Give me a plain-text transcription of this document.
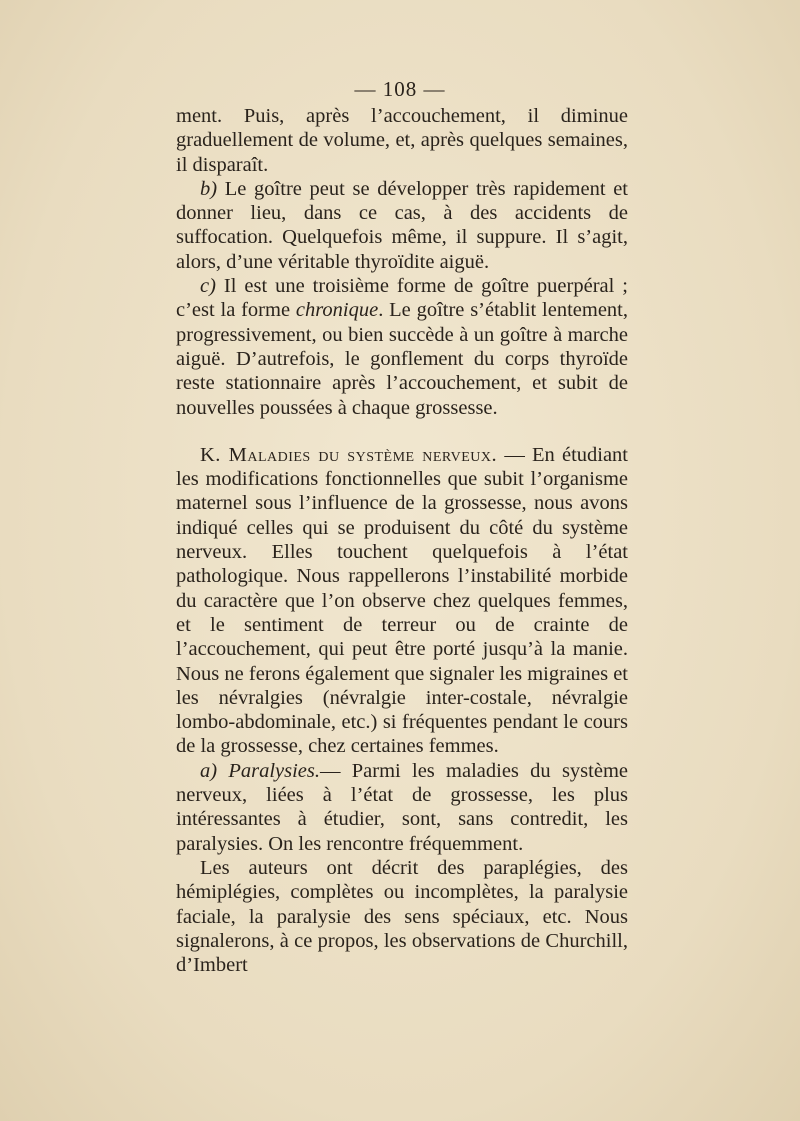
— 108 —

ment. Puis, après l’accouchement, il diminue graduellement de volume, et, après quelques semaines, il disparaît.

b) Le goître peut se développer très rapidement et donner lieu, dans ce cas, à des accidents de suffocation. Quelquefois même, il suppure. Il s’agit, alors, d’une véritable thyroïdite aiguë.

c) Il est une troisième forme de goître puerpéral ; c’est la forme chronique. Le goître s’établit lentement, progressivement, ou bien succède à un goître à marche aiguë. D’autrefois, le gonflement du corps thyroïde reste stationnaire après l’accouchement, et subit de nouvelles poussées à chaque grossesse.

K. Maladies du système nerveux. — En étudiant les modifications fonctionnelles que subit l’organisme maternel sous l’influence de la grossesse, nous avons indiqué celles qui se produisent du côté du système nerveux. Elles touchent quelquefois à l’état pathologique. Nous rappellerons l’instabilité morbide du caractère que l’on observe chez quelques femmes, et le sentiment de terreur ou de crainte de l’accouchement, qui peut être porté jusqu’à la manie. Nous ne ferons également que signaler les migraines et les névralgies (névralgie inter-costale, névralgie lombo-abdominale, etc.) si fréquentes pendant le cours de la grossesse, chez certaines femmes.

a) Paralysies.— Parmi les maladies du système nerveux, liées à l’état de grossesse, les plus intéressantes à étudier, sont, sans contredit, les paralysies. On les rencontre fréquemment.

Les auteurs ont décrit des paraplégies, des hémiplégies, complètes ou incomplètes, la paralysie faciale, la paralysie des sens spéciaux, etc. Nous signalerons, à ce propos, les observations de Churchill, d’Imbert
